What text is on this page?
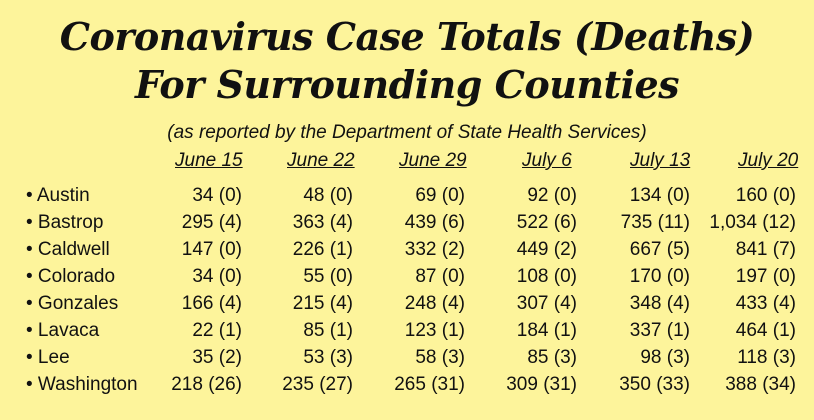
Coronavirus Case Totals (Deaths)
For Surrounding Counties

(as reported by the Department of State Health Services)

June 15 June 22 June 29	July 6	July 13	July 20
• Austin	34 (0)	48 (0)	69 (0)	92 (0)	134 (0) 160 (0)
• Bastrop	295 (4)	363 (4)	439 (6)	522 (6) 735 (11) 1,034 (12)
• Caldwell	147 (0)	226 (1)	332 (2)	449 (2)	667 (5) 841 (7)
• Colorado	34 (0)	55 (0)	87 (0)	108 (0)	170 (0) 197 (0)
• Gonzales	166 (4)	215 (4)	248 (4)	307 (4)	348 (4) 433 (4)
• Lavaca	22 (1)	85 (1)	123 (1)	184 (1)	337 (1) 464 (1)
• Lee	35 (2)	53 (3)	58 (3)	85 (3)	98 (3) 118 (3)
• Washington 218 (26) 235 (27) 265 (31) 309 (31) 350 (33) 388 (34)
